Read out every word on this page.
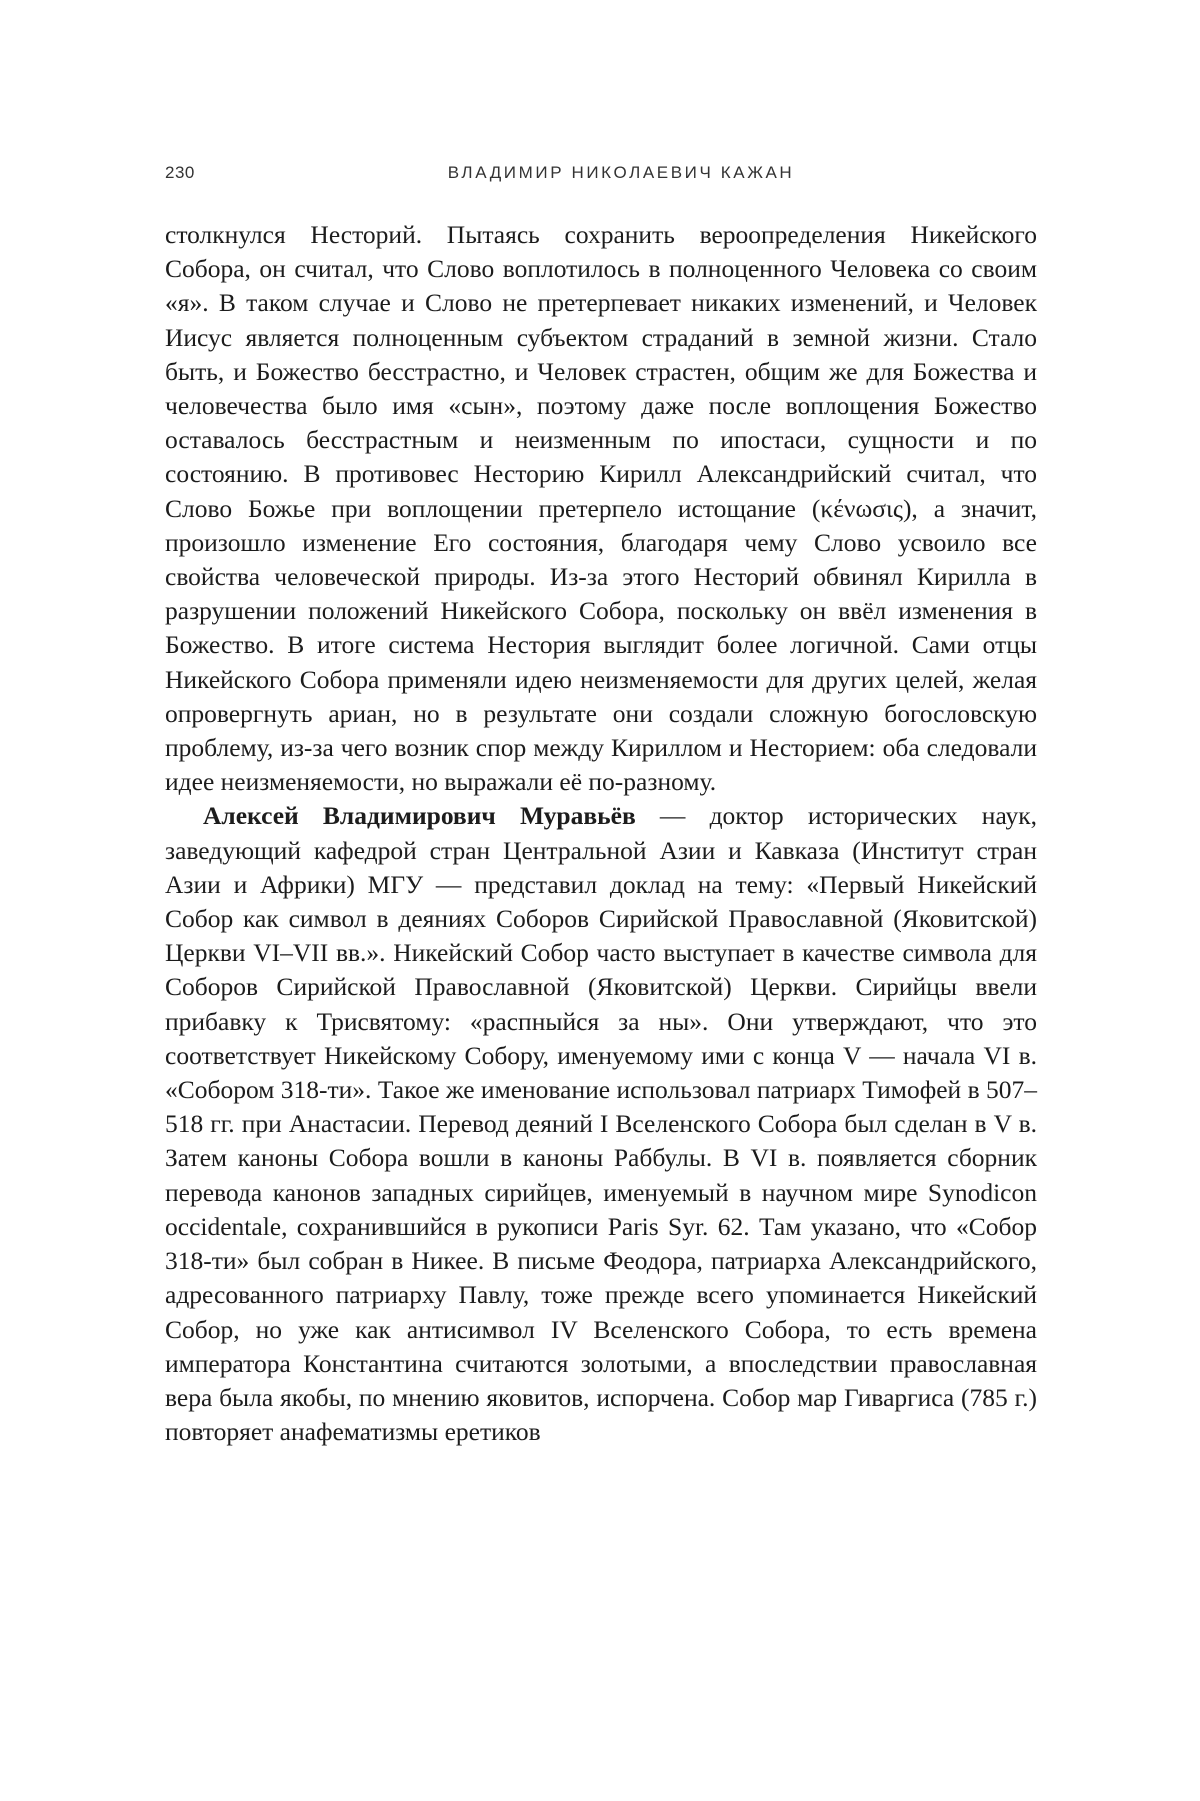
230	ВЛАДИМИР НИКОЛАЕВИЧ КАЖАН

столкнулся Несторий. Пытаясь сохранить вероопределения Никейского Собора, он считал, что Слово воплотилось в полноценного Человека со своим «я». В таком случае и Слово не претерпевает никаких изменений, и Человек Иисус является полноценным субъектом страданий в земной жизни. Стало быть, и Божество бесстрастно, и Человек страстен, общим же для Божества и человечества было имя «сын», поэтому даже после воплощения Божество оставалось бесстрастным и неизменным по ипостаси, сущности и по состоянию. В противовес Несторию Кирилл Александрийский считал, что Слово Божье при воплощении претерпело истощание (κένωσις), а значит, произошло изменение Его состояния, благодаря чему Слово усвоило все свойства человеческой природы. Из-за этого Несторий обвинял Кирилла в разрушении положений Никейского Собора, поскольку он ввёл изменения в Божество. В итоге система Нестория выглядит более логичной. Сами отцы Никейского Собора применяли идею неизменяемости для других целей, желая опровергнуть ариан, но в результате они создали сложную богословскую проблему, из-за чего возник спор между Кириллом и Несторием: оба следовали идее неизменяемости, но выражали её по-разному.

Алексей Владимирович Муравьёв — доктор исторических наук, заведующий кафедрой стран Центральной Азии и Кавказа (Институт стран Азии и Африки) МГУ — представил доклад на тему: «Первый Никейский Собор как символ в деяниях Соборов Сирийской Православной (Яковитской) Церкви VI–VII вв.». Никейский Собор часто выступает в качестве символа для Соборов Сирийской Православной (Яковитской) Церкви. Сирийцы ввели прибавку к Трисвятому: «распныйся за ны». Они утверждают, что это соответствует Никейскому Собору, именуемому ими с конца V — начала VI в. «Собором 318-ти». Такое же именование использовал патриарх Тимофей в 507–518 гг. при Анастасии. Перевод деяний I Вселенского Собора был сделан в V в. Затем каноны Собора вошли в каноны Раббулы. В VI в. появляется сборник перевода канонов западных сирийцев, именуемый в научном мире Synodicon occidentale, сохранившийся в рукописи Paris Syr. 62. Там указано, что «Собор 318-ти» был собран в Никее. В письме Феодора, патриарха Александрийского, адресованного патриарху Павлу, тоже прежде всего упоминается Никейский Собор, но уже как антисимвол IV Вселенского Собора, то есть времена императора Константина считаются золотыми, а впоследствии православная вера была якобы, по мнению яковитов, испорчена. Собор мар Гиваргиса (785 г.) повторяет анафематизмы еретиков
